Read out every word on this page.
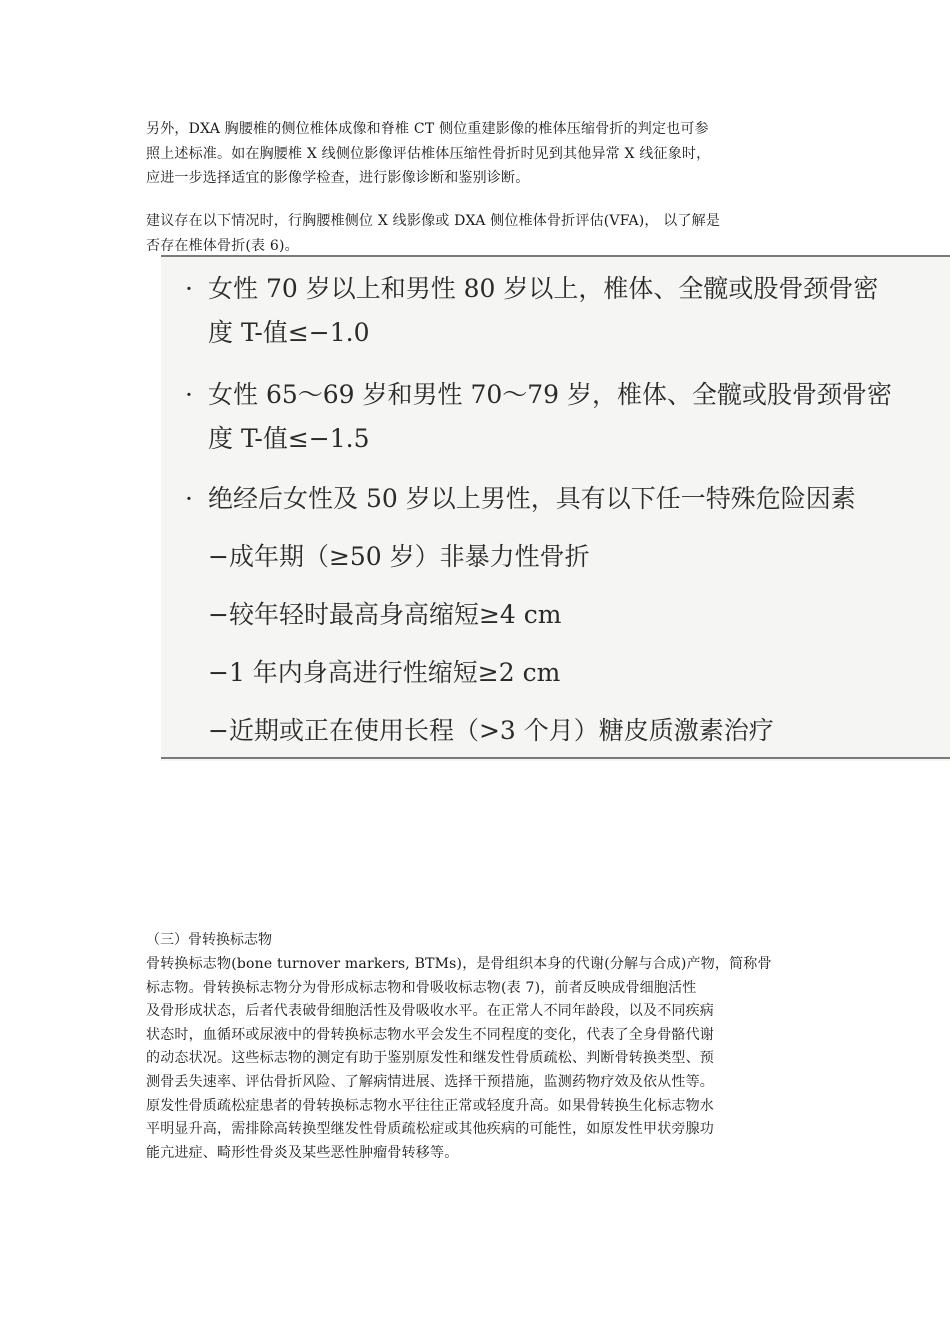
另外，DXA 胸腰椎的侧位椎体成像和脊椎 CT 侧位重建影像的椎体压缩骨折的判定也可参
照上述标准。如在胸腰椎 X 线侧位影像评估椎体压缩性骨折时见到其他异常 X 线征象时，
应进一步选择适宜的影像学检查，进行影像诊断和鉴别诊断。

建议存在以下情况时，行胸腰椎侧位 X 线影像或 DXA 侧位椎体骨折评估(VFA)， 以了解是
否存在椎体骨折(表 6)。

· 女性 70 岁以上和男性 80 岁以上，椎体、全髋或股骨颈骨密
度 T-值≤−1.0
· 女性 65～69 岁和男性 70～79 岁，椎体、全髋或股骨颈骨密
度 T-值≤−1.5
· 绝经后女性及 50 岁以上男性，具有以下任一特殊危险因素
−成年期（≥50 岁）非暴力性骨折
−较年轻时最高身高缩短≥4 cm
−1 年内身高进行性缩短≥2 cm
−近期或正在使用长程（>3 个月）糖皮质激素治疗
（三）骨转换标志物

骨转换标志物(bone turnover markers, BTMs)，是骨组织本身的代谢(分解与合成)产物，简称骨
标志物。骨转换标志物分为骨形成标志物和骨吸收标志物(表 7)，前者反映成骨细胞活性
及骨形成状态，后者代表破骨细胞活性及骨吸收水平。在正常人不同年龄段，以及不同疾病
状态时，血循环或尿液中的骨转换标志物水平会发生不同程度的变化，代表了全身骨骼代谢
的动态状况。这些标志物的测定有助于鉴别原发性和继发性骨质疏松、判断骨转换类型、预
测骨丢失速率、评估骨折风险、了解病情进展、选择干预措施，监测药物疗效及依从性等。
原发性骨质疏松症患者的骨转换标志物水平往往正常或轻度升高。如果骨转换生化标志物水
平明显升高，需排除高转换型继发性骨质疏松症或其他疾病的可能性，如原发性甲状旁腺功
能亢进症、畸形性骨炎及某些恶性肿瘤骨转移等。
